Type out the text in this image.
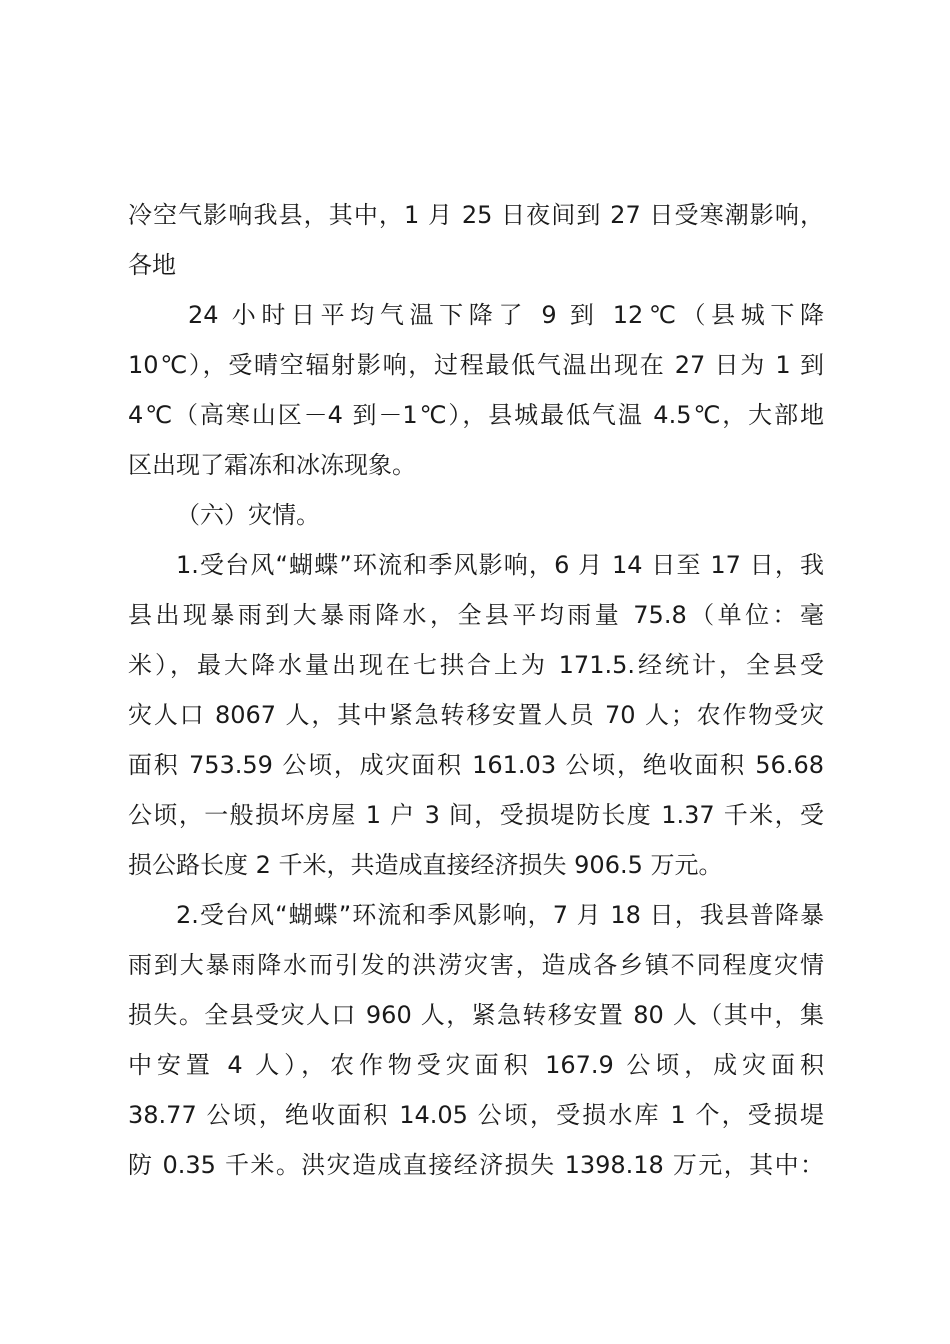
冷空气影响我县，其中，1 月 25 日夜间到 27 日受寒潮影响，
各地
24 小时日平均气温下降了 9 到 12℃（县城下降
10℃），受晴空辐射影响，过程最低气温出现在 27 日为 1 到
4℃（高寒山区－4 到－1℃），县城最低气温 4.5℃，大部地
区出现了霜冻和冰冻现象。
（六）灾情。
1.受台风“蝴蝶”环流和季风影响，6 月 14 日至 17 日，我
县出现暴雨到大暴雨降水，全县平均雨量 75.8（单位：毫
米），最大降水量出现在七拱合上为 171.5.经统计，全县受
灾人口 8067 人，其中紧急转移安置人员 70 人；农作物受灾
面积 753.59 公顷，成灾面积 161.03 公顷，绝收面积 56.68
公顷，一般损坏房屋 1 户 3 间，受损堤防长度 1.37 千米，受
损公路长度 2 千米，共造成直接经济损失 906.5 万元。
2.受台风“蝴蝶”环流和季风影响，7 月 18 日，我县普降暴
雨到大暴雨降水而引发的洪涝灾害，造成各乡镇不同程度灾情
损失。全县受灾人口 960 人，紧急转移安置 80 人（其中，集
中安置 4 人），农作物受灾面积 167.9 公顷，成灾面积
38.77 公顷，绝收面积 14.05 公顷，受损水库 1 个，受损堤
防 0.35 千米。洪灾造成直接经济损失 1398.18 万元，其中：
